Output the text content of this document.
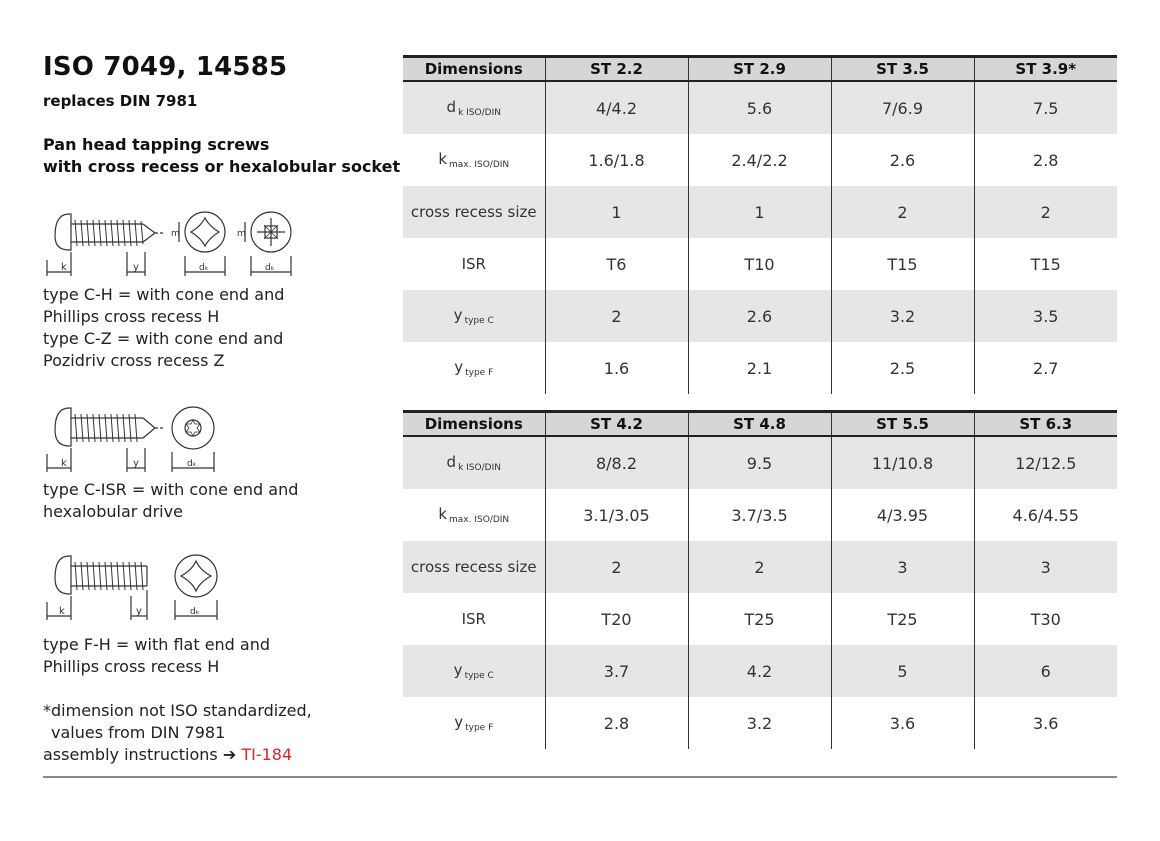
ISO 7049, 14585
replaces DIN 7981
Pan head tapping screws
with cross recess or hexalobular socket
k	y
m	m
dₖ	dₖ
type C-H = with cone end and
Phillips cross recess H
type C-Z = with cone end and
Pozidriv cross recess Z
k	y	dₖ
type C-ISR = with cone end and
hexalobular drive
k	y	dₖ
type F-H = with flat end and
Phillips cross recess H
*dimension not ISO standardized,
values from DIN 7981
assembly instructions ➔ TI-184
Dimensions	ST 2.2	ST 2.9	ST 3.5	ST 3.9*
d $_{k ISO/DIN}$	4/4.2	5.6	7/6.9	7.5
k $_{max. ISO/DIN}$	1.6/1.8	2.4/2.2	2.6	2.8
cross recess size	1	1	2	2
ISR	T6	T10	T15	T15
y $_{type C}$	2	2.6	3.2	3.5
y $_{type F}$	1.6	2.1	2.5	2.7
Dimensions	ST 4.2	ST 4.8	ST 5.5	ST 6.3
d $_{k ISO/DIN}$	8/8.2	9.5	11/10.8	12/12.5
k $_{max. ISO/DIN}$	3.1/3.05	3.7/3.5	4/3.95	4.6/4.55
cross recess size	2	2	3	3
ISR	T20	T25	T25	T30
y $_{type C}$	3.7	4.2	5	6
y $_{type F}$	2.8	3.2	3.6	3.6
